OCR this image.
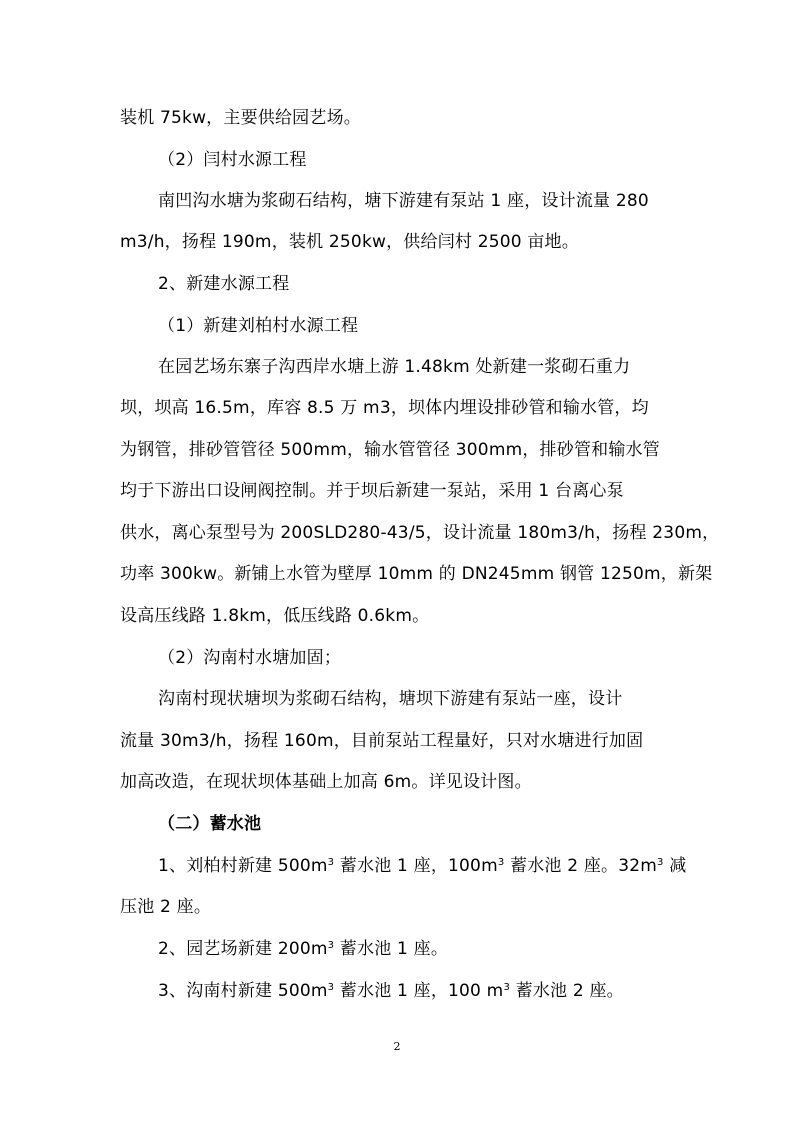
装机 75kw，主要供给园艺场。
（2）闫村水源工程
南凹沟水塘为浆砌石结构，塘下游建有泵站 1 座，设计流量 280
m3/h，扬程 190m，装机 250kw，供给闫村 2500 亩地。
2、新建水源工程
（1）新建刘柏村水源工程
在园艺场东寨子沟西岸水塘上游 1.48km 处新建一浆砌石重力
坝，坝高 16.5m，库容 8.5 万 m3，坝体内埋设排砂管和输水管，均
为钢管，排砂管管径 500mm，输水管管径 300mm，排砂管和输水管
均于下游出口设闸阀控制。并于坝后新建一泵站，采用 1 台离心泵
供水，离心泵型号为 200SLD280-43/5，设计流量 180m3/h，扬程 230m，
功率 300kw。新铺上水管为壁厚 10mm 的 DN245mm 钢管 1250m，新架
设高压线路 1.8km，低压线路 0.6km。
（2）沟南村水塘加固；
沟南村现状塘坝为浆砌石结构，塘坝下游建有泵站一座，设计
流量 30m3/h，扬程 160m，目前泵站工程量好，只对水塘进行加固
加高改造，在现状坝体基础上加高 6m。详见设计图。
（二）蓄水池
1、刘柏村新建 $500m^3$ 蓄水池 1 座，$100m^3$ 蓄水池 2 座。$32m^3$ 减
压池 2 座。
2、园艺场新建 $200m^3$ 蓄水池 1 座。
3、沟南村新建 $500m^3$ 蓄水池 1 座，100 $m^3$ 蓄水池 2 座。
2
